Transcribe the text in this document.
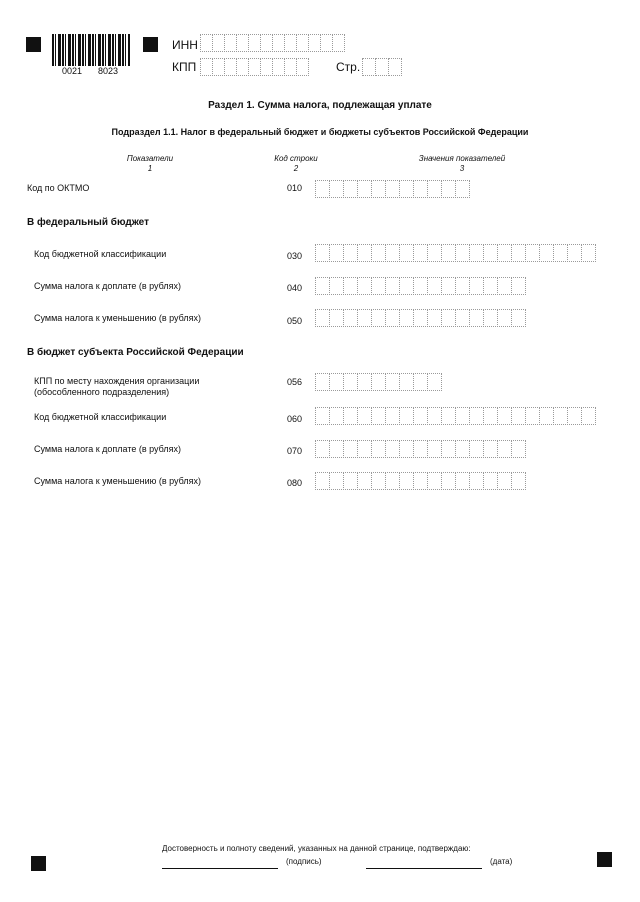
0021 8023
ИНН
КПП	Стр.
Раздел 1. Сумма налога, подлежащая уплате
Подраздел 1.1. Налог в федеральный бюджет и бюджеты субъектов Российской Федерации
Показатели
1
Код строки
2
Значения показателей
3
Код по ОКТМО	010
В федеральный бюджет
Код бюджетной классификации	030
Сумма налога к доплате (в рублях)	040
Сумма налога к уменьшению (в рублях)	050
В бюджет субъекта Российской Федерации
КПП по месту нахождения организации
(обособленного подразделения)
056
Код бюджетной классификации	060
Сумма налога к доплате (в рублях)	070
Сумма налога к уменьшению (в рублях)	080
Достоверность и полноту сведений, указанных на данной странице, подтверждаю:
(подпись)	(дата)
